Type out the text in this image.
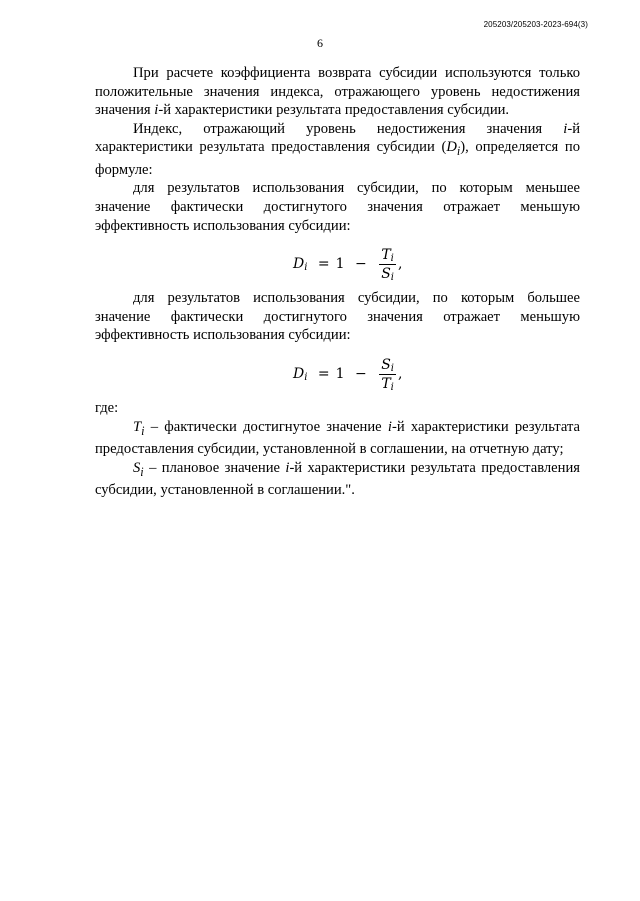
205203/205203-2023-694(3)
6

При расчете коэффициента возврата субсидии используются только положительные значения индекса, отражающего уровень недостижения значения i-й характеристики результата предоставления субсидии.

Индекс, отражающий уровень недостижения значения i-й характеристики результата предоставления субсидии $(D_i)$, определяется по формуле:

для результатов использования субсидии, по которым меньшее значение фактически достигнутого значения отражает меньшую эффективность использования субсидии:

$Di = 1 - \frac{Ti}{Si}$ ,

для результатов использования субсидии, по которым большее значение фактически достигнутого значения отражает меньшую эффективность использования субсидии:

$Di = 1 - \frac{Si}{Ti}$ ,

где:

$T_i$ – фактически достигнутое значение i-й характеристики результата предоставления субсидии, установленной в соглашении, на отчетную дату;

$S_i$ – плановое значение i-й характеристики результата предоставления субсидии, установленной в соглашении.".
